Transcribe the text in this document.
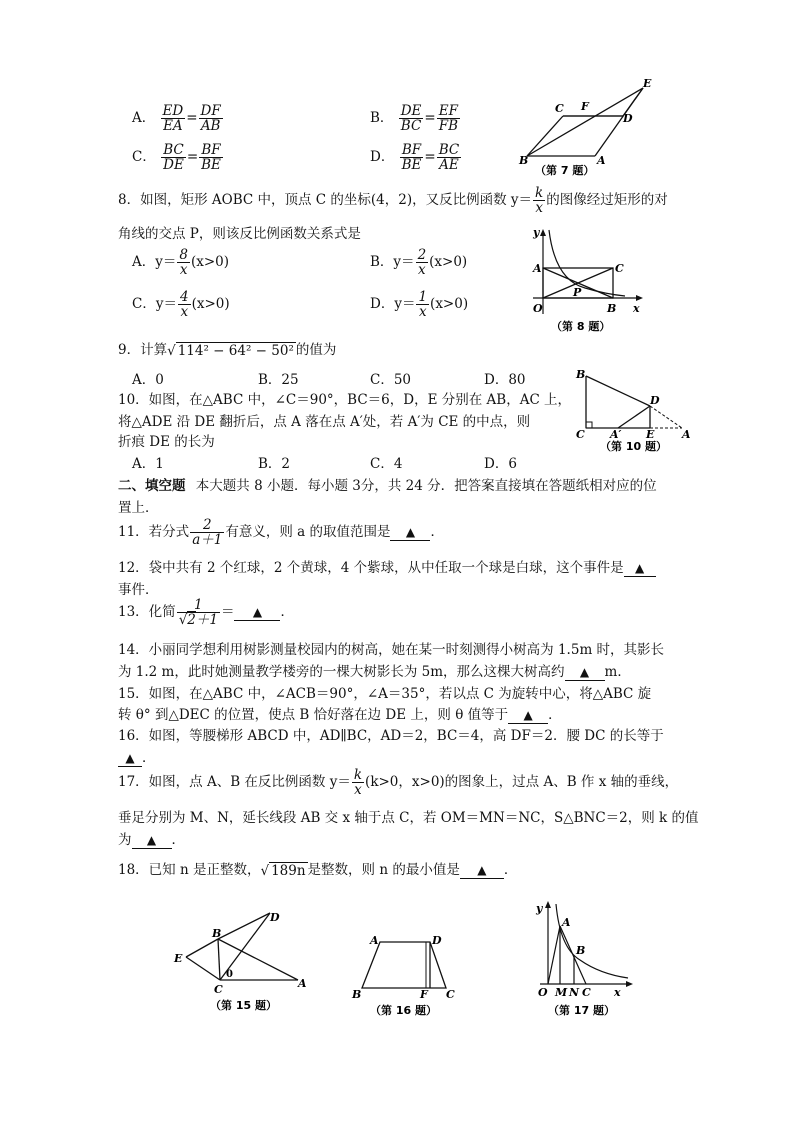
A． $\frac{ED}{EA} = \frac{DF}{AB}$	B． $\frac{DE}{BC} = \frac{EF}{FB}$
C． $\frac{BC}{DE} = \frac{BF}{BE}$	D． $\frac{BF}{BE} = \frac{BC}{AE}$
C F
E
D
B	A
（第 7 题）
8．如图，矩形 AOBC 中，顶点 C 的坐标(4，2)，又反比例函数 $y= \frac{k}{x}$ 的图像经过矩形的对
角线的交点 P，则该反比例函数关系式是
A．$y= \frac{8}{x} (x>0)$	B．$y= \frac{2}{x} (x>0)$
C．$y= \frac{4}{x} (x>0)$	D．$y= \frac{1}{x} (x>0)$
y
A	C
P
O	B x
（第 8 题）
9．计算√ 114² − 64² − 50² 的值为
A．0	B．25	C．50	D．80
10．如图，在△ABC 中，∠C＝90°，BC＝6，D，E 分别在 AB，AC 上，
将△ADE 沿 DE 翻折后，点 A 落在点 A′处，若 A′为 CE 的中点，则
折痕 DE 的长为
A．1	B．2	C．4	D．6
B
D
C A′ E	A
（第 10 题）
二、填空题 本大题共 8 小题．每小题 3分，共 24 分．把答案直接填在答题纸相对应的位
置上．
11．若分式 $\frac{2}{a+1}$ 有意义，则 a 的取值范围是 ▲ ．
12．袋中共有 2 个红球，2 个黄球，4 个紫球，从中任取一个球是白球，这个事件是 ▲
事件．
13．化简 $\frac{1}{√2+1}$ ＝ ▲ ．
14．小丽同学想利用树影测量校园内的树高，她在某一时刻测得小树高为 1.5m 时，其影长
为 1.2 m，此时她测量教学楼旁的一棵大树影长为 5m，那么这棵大树高约 ▲ m．
15．如图，在△ABC 中，∠ACB＝90°，∠A＝35°，若以点 C 为旋转中心，将△ABC 旋
转 θ° 到△DEC 的位置，使点 B 恰好落在边 DE 上，则 θ 值等于 ▲ ．
16．如图，等腰梯形 ABCD 中，AD∥BC，AD＝2，BC＝4，高 DF＝2．腰 DC 的长等于
▲ ．
17．如图，点 A、B 在反比例函数 $y= \frac{k}{x} (k>0$，x>0)的图象上，过点 A、B 作 x 轴的垂线，
垂足分别为 M、N，延长线段 AB 交 x 轴于点 C，若 OM＝MN＝NC，S△BNC＝2，则 k 的值
为 ▲ ．
18．已知 n 是正整数，√ 189n 是整数，则 n 的最小值是 ▲ ．
D
B
E
0
C	A
（第 15 题）
A	D
B	F C
（第 16 题）
y
A
B
O M N C x
（第 17 题）
